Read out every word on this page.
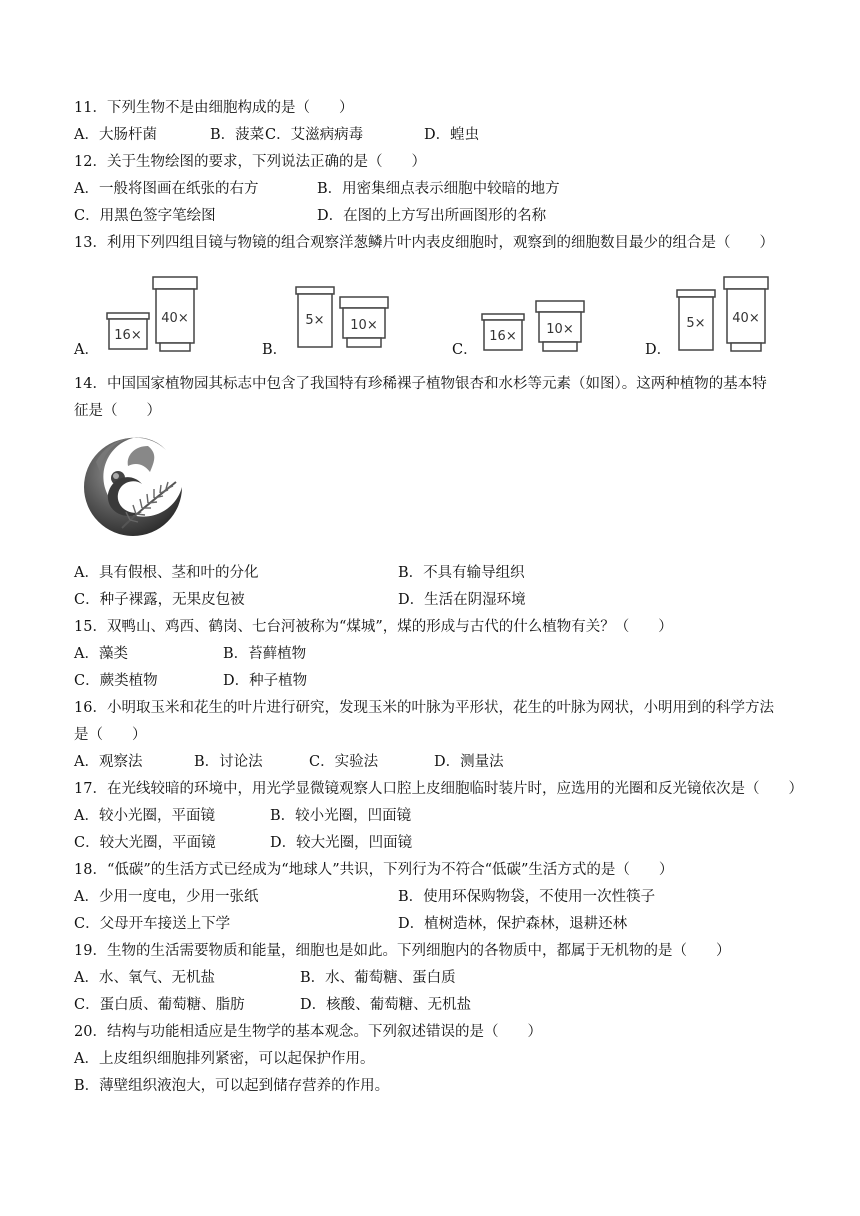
11．下列生物不是由细胞构成的是（　　）
A．大肠杆菌	B．菠菜 C．艾滋病病毒	D．蝗虫
12．关于生物绘图的要求，下列说法正确的是（　　）
A．一般将图画在纸张的右方	B．用密集细点表示细胞中较暗的地方
C．用黑色签字笔绘图	D．在图的上方写出所画图形的名称
13．利用下列四组目镜与物镜的组合观察洋葱鳞片叶内表皮细胞时，观察到的细胞数目最少的组合是（　　）
A．
16×
40×
B．
5× 10×
C．
16× 10×
D．
5× 40×
14．中国国家植物园其标志中包含了我国特有珍稀裸子植物银杏和水杉等元素（如图）。这两种植物的基本特
征是（　　）
A．具有假根、茎和叶的分化	B．不具有输导组织
C．种子裸露，无果皮包被	D．生活在阴湿环境
15．双鸭山、鸡西、鹤岗、七台河被称为“煤城”，煤的形成与古代的什么植物有关？（　　）
A．藻类	B．苔藓植物
C．蕨类植物	D．种子植物
16．小明取玉米和花生的叶片进行研究，发现玉米的叶脉为平形状，花生的叶脉为网状，小明用到的科学方法
是（　　）
A．观察法	B．讨论法	C．实验法	D．测量法
17．在光线较暗的环境中，用光学显微镜观察人口腔上皮细胞临时装片时，应选用的光圈和反光镜依次是（　　）
A．较小光圈，平面镜	B．较小光圈，凹面镜
C．较大光圈，平面镜	D．较大光圈，凹面镜
18．“低碳”的生活方式已经成为“地球人”共识，下列行为不符合“低碳”生活方式的是（　　）
A．少用一度电，少用一张纸	B．使用环保购物袋，不使用一次性筷子
C．父母开车接送上下学	D．植树造林，保护森林，退耕还林
19．生物的生活需要物质和能量，细胞也是如此。下列细胞内的各物质中，都属于无机物的是（　　）
A．水、氧气、无机盐	B．水、葡萄糖、蛋白质
C．蛋白质、葡萄糖、脂肪	D．核酸、葡萄糖、无机盐
20．结构与功能相适应是生物学的基本观念。下列叙述错误的是（　　）
A．上皮组织细胞排列紧密，可以起保护作用。
B．薄壁组织液泡大，可以起到储存营养的作用。
